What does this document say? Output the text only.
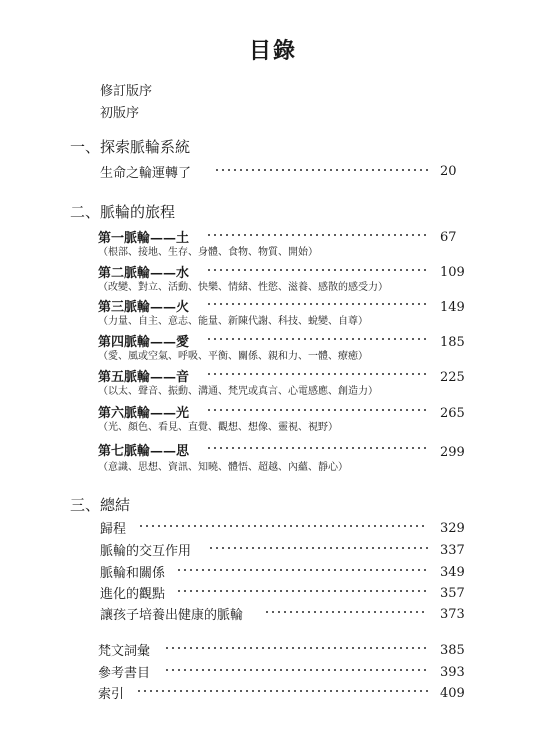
目錄
修訂版序
初版序
一、探索脈輪系統
生命之輪運轉了	20
二、脈輪的旅程
第一脈輪——土	67
（根部、接地、生存、身體、食物、物質、開始）
第二脈輪——水	109
（改變、對立、活動、快樂、情緒、性慾、滋養、感散的感受力）
第三脈輪——火	149
（力量、自主、意志、能量、新陳代謝、科技、蛻變、自尊）
第四脈輪——愛	185
（愛、風或空氣、呼吸、平衡、關係、親和力、一體、療癒）
第五脈輪——音	225
（以太、聲音、振動、溝通、梵咒或真言、心電感應、創造力）
第六脈輪——光	265
（光、顏色、看見、直覺、觀想、想像、靈視、視野）
第七脈輪——思	299
（意識、思想、資訊、知曉、體悟、超越、內蘊、靜心）
三、總結
歸程	329
脈輪的交互作用	337
脈輪和關係	349
進化的觀點	357
讓孩子培養出健康的脈輪	373
梵文詞彙	385
參考書目	393
索引	409
